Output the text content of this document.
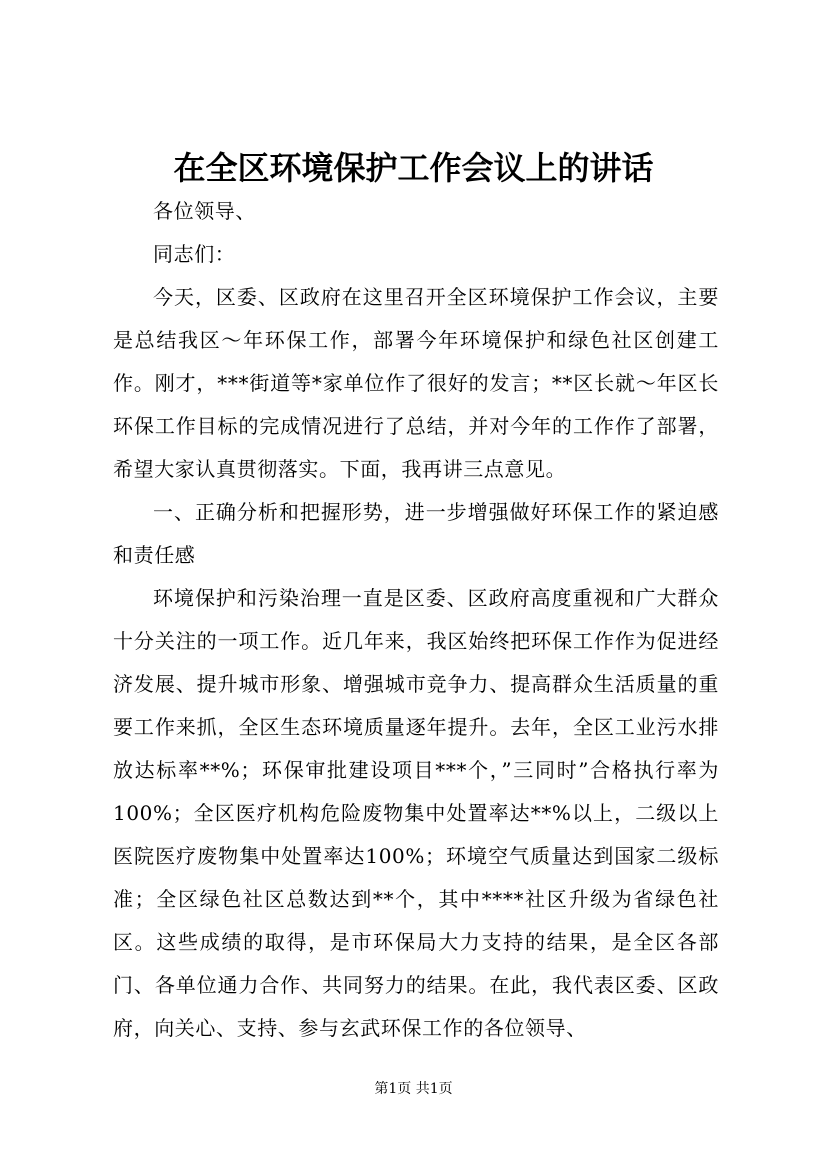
在全区环境保护工作会议上的讲话

各位领导、

同志们：

今天，区委、区政府在这里召开全区环境保护工作会议，主要是总结我区～年环保工作，部署今年环境保护和绿色社区创建工作。刚才，***街道等*家单位作了很好的发言；**区长就～年区长环保工作目标的完成情况进行了总结，并对今年的工作作了部署，希望大家认真贯彻落实。下面，我再讲三点意见。

一、正确分析和把握形势，进一步增强做好环保工作的紧迫感和责任感

环境保护和污染治理一直是区委、区政府高度重视和广大群众十分关注的一项工作。近几年来，我区始终把环保工作作为促进经济发展、提升城市形象、增强城市竞争力、提高群众生活质量的重要工作来抓，全区生态环境质量逐年提升。去年，全区工业污水排放达标率**%；环保审批建设项目***个，”三同时”合格执行率为100%；全区医疗机构危险废物集中处置率达**%以上，二级以上医院医疗废物集中处置率达100%；环境空气质量达到国家二级标准；全区绿色社区总数达到**个，其中****社区升级为省绿色社区。这些成绩的取得，是市环保局大力支持的结果，是全区各部门、各单位通力合作、共同努力的结果。在此，我代表区委、区政府，向关心、支持、参与玄武环保工作的各位领导、

第1页 共1页
